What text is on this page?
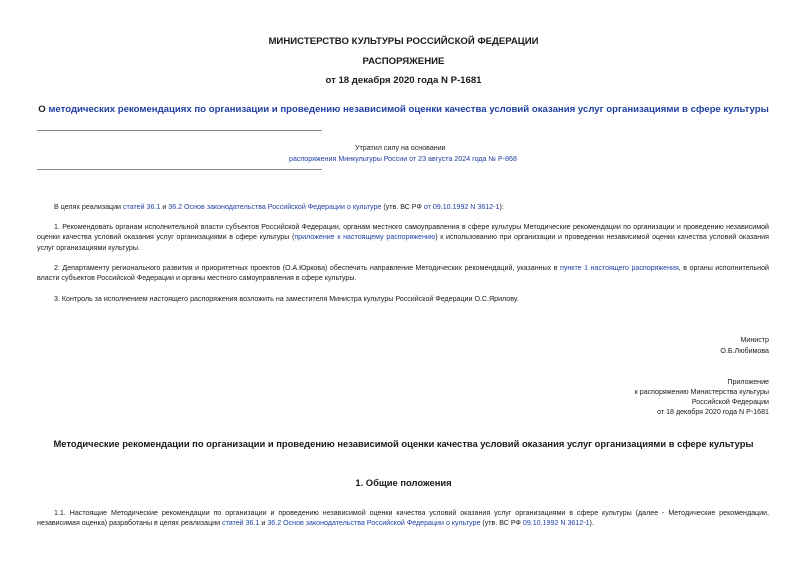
МИНИСТЕРСТВО КУЛЬТУРЫ РОССИЙСКОЙ ФЕДЕРАЦИИ
РАСПОРЯЖЕНИЕ
от 18 декабря 2020 года N Р-1681
О методических рекомендациях по организации и проведению независимой оценки качества условий оказания услуг организациями в сфере культуры
Утратил силу на основании
распоряжения Минкультуры России от 23 августа 2024 года № Р-868
В целях реализации статей 36.1 и 36.2 Основ законодательства Российской Федерации о культуре (утв. ВС РФ от 09.10.1992 N 3612-1):
1. Рекомендовать органам исполнительной власти субъектов Российской Федерации, органам местного самоуправления в сфере культуры Методические рекомендации по организации и проведению независимой оценки качества условий оказания услуг организациями в сфере культуры (приложение к настоящему распоряжению) к использованию при организации и проведении независимой оценки качества условий оказания услуг организациями культуры.
2. Департаменту регионального развития и приоритетных проектов (О.А.Юркова) обеспечить направление Методических рекомендаций, указанных в пункте 1 настоящего распоряжения, в органы исполнительной власти субъектов Российской Федерации и органы местного самоуправления в сфере культуры.
3. Контроль за исполнением настоящего распоряжения возложить на заместителя Министра культуры Российской Федерации О.С.Ярилову.
Министр
О.Б.Любимова
Приложение
к распоряжению Министерства культуры
Российской Федерации
от 18 декабря 2020 года N Р-1681
Методические рекомендации по организации и проведению независимой оценки качества условий оказания услуг организациями в сфере культуры
1. Общие положения
1.1. Настоящие Методические рекомендации по организации и проведению независимой оценки качества условий оказания услуг организациями в сфере культуры (далее - Методические рекомендации, независимая оценка) разработаны в целях реализации статей 36.1 и 36.2 Основ законодательства Российской Федерации о культуре (утв. ВС РФ 09.10.1992 N 3612-1).
